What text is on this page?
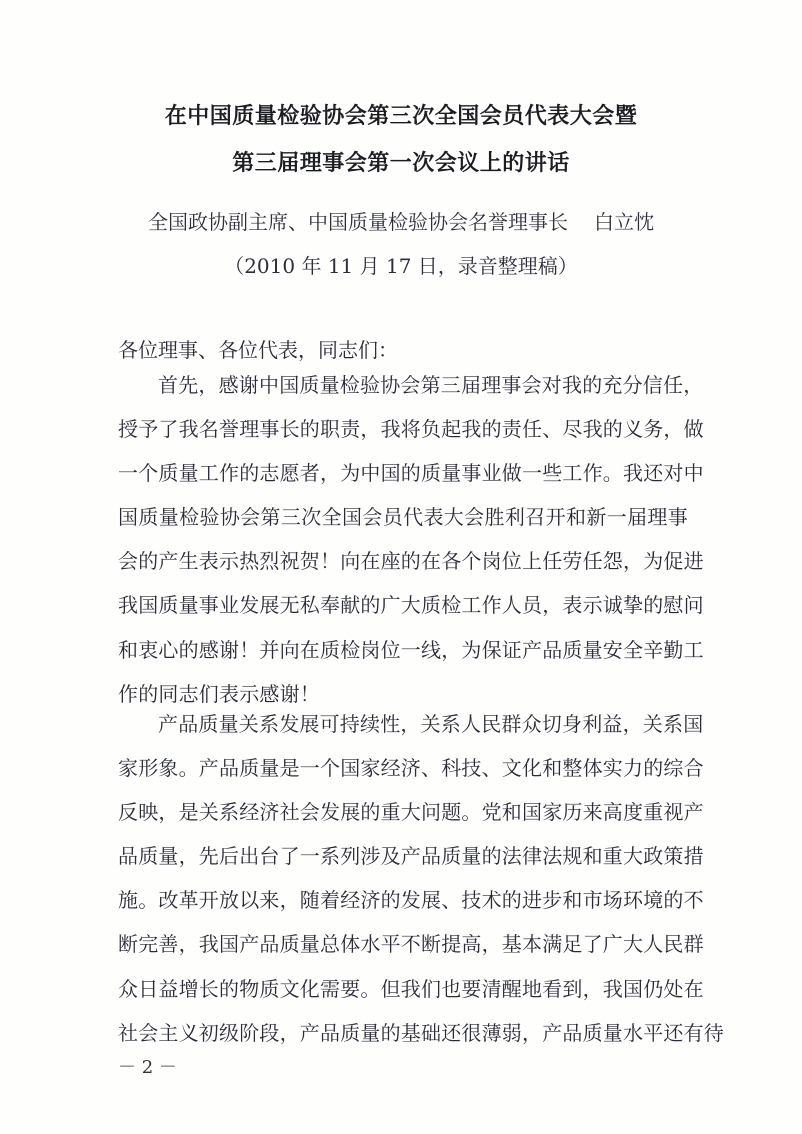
在中国质量检验协会第三次全国会员代表大会暨
第三届理事会第一次会议上的讲话
全国政协副主席、中国质量检验协会名誉理事长 白立忱
（2010 年 11 月 17 日，录音整理稿）
各位理事、各位代表，同志们：
首先，感谢中国质量检验协会第三届理事会对我的充分信任，
授予了我名誉理事长的职责，我将负起我的责任、尽我的义务，做
一个质量工作的志愿者，为中国的质量事业做一些工作。我还对中
国质量检验协会第三次全国会员代表大会胜利召开和新一届理事
会的产生表示热烈祝贺！向在座的在各个岗位上任劳任怨，为促进
我国质量事业发展无私奉献的广大质检工作人员，表示诚挚的慰问
和衷心的感谢！并向在质检岗位一线，为保证产品质量安全辛勤工
作的同志们表示感谢！
产品质量关系发展可持续性，关系人民群众切身利益，关系国
家形象。产品质量是一个国家经济、科技、文化和整体实力的综合
反映，是关系经济社会发展的重大问题。党和国家历来高度重视产
品质量，先后出台了一系列涉及产品质量的法律法规和重大政策措
施。改革开放以来，随着经济的发展、技术的进步和市场环境的不
断完善，我国产品质量总体水平不断提高，基本满足了广大人民群
众日益增长的物质文化需要。但我们也要清醒地看到，我国仍处在
社会主义初级阶段，产品质量的基础还很薄弱，产品质量水平还有待
－ 2 －
